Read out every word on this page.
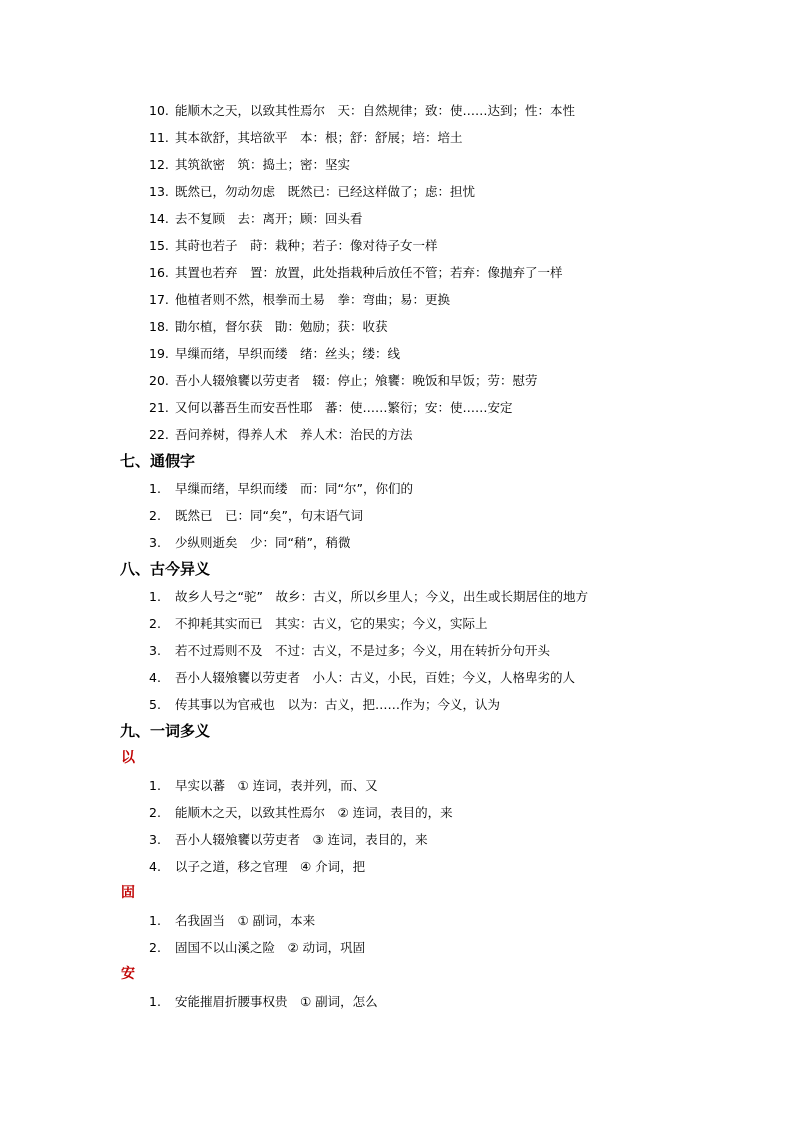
10. 能顺木之天，以致其性焉尔　天：自然规律；致：使……达到；性：本性
11. 其本欲舒，其培欲平　本：根；舒：舒展；培：培土
12. 其筑欲密　筑：捣土；密：坚实
13. 既然已，勿动勿虑　既然已：已经这样做了；虑：担忧
14. 去不复顾　去：离开；顾：回头看
15. 其莳也若子　莳：栽种；若子：像对待子女一样
16. 其置也若弃　置：放置，此处指栽种后放任不管；若弃：像抛弃了一样
17. 他植者则不然，根拳而土易　拳：弯曲；易：更换
18. 勖尔植，督尔获　勖：勉励；获：收获
19. 早缫而绪，早织而缕　绪：丝头；缕：线
20. 吾小人辍飧饔以劳吏者　辍：停止；飧饔：晚饭和早饭；劳：慰劳
21. 又何以蕃吾生而安吾性耶　蕃：使……繁衍；安：使……安定
22. 吾问养树，得养人术　养人术：治民的方法
七、通假字
1.	早缫而绪，早织而缕　而：同“尔”，你们的
2.	既然已　已：同“矣”，句末语气词
3.	少纵则逝矣　少：同“稍”，稍微
八、古今异义
1.	故乡人号之“驼”　故乡：古义，所以乡里人；今义，出生或长期居住的地方
2.	不抑耗其实而已　其实：古义，它的果实；今义，实际上
3.	若不过焉则不及　不过：古义，不是过多；今义，用在转折分句开头
4.	吾小人辍飧饔以劳吏者　小人：古义，小民，百姓；今义，人格卑劣的人
5.	传其事以为官戒也　以为：古义，把……作为；今义，认为
九、一词多义
以
1.	早实以蕃　① 连词，表并列，而、又
2.	能顺木之天，以致其性焉尔　② 连词，表目的，来
3.	吾小人辍飧饔以劳吏者　③ 连词，表目的，来
4.	以子之道，移之官理　④ 介词，把
固
1.	名我固当　① 副词，本来
2.	固国不以山溪之险　② 动词，巩固
安
1.	安能摧眉折腰事权贵　① 副词，怎么
